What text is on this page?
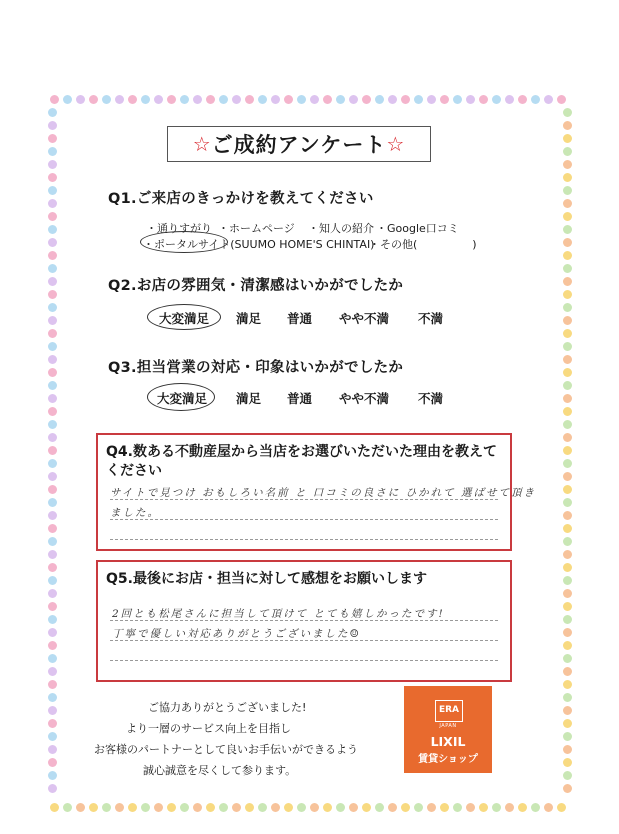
☆ ご成約アンケート ☆
Q1.ご来店のきっかけを教えてください
・通りすがり ・ホームページ ・知人の紹介 ・Google口コミ
・ポータルサイト(SUUMO HOME'S CHINTAI)
・その他(　　　　　)
Q2.お店の雰囲気・清潔感はいかがでしたか
大変満足 満足 普通 やや不満 不満
Q3.担当営業の対応・印象はいかがでしたか
大変満足 満足 普通 やや不満 不満
Q4.数ある不動産屋から当店をお選びいただいた理由を教えて
ください
サイトで見つけ おもしろい名前 と 口コミの良さに ひかれて 選ばせて頂き
ました。
Q5.最後にお店・担当に対して感想をお願いします
2回とも松尾さんに担当して頂けて とても嬉しかったです!
丁寧で優しい対応ありがとうございました☺
ご協力ありがとうございました!
より一層のサービス向上を目指し
お客様のパートナーとして良いお手伝いができるよう
誠心誠意を尽くして参ります。
ERA
JAPAN
LIXIL
賃貸ショップ
